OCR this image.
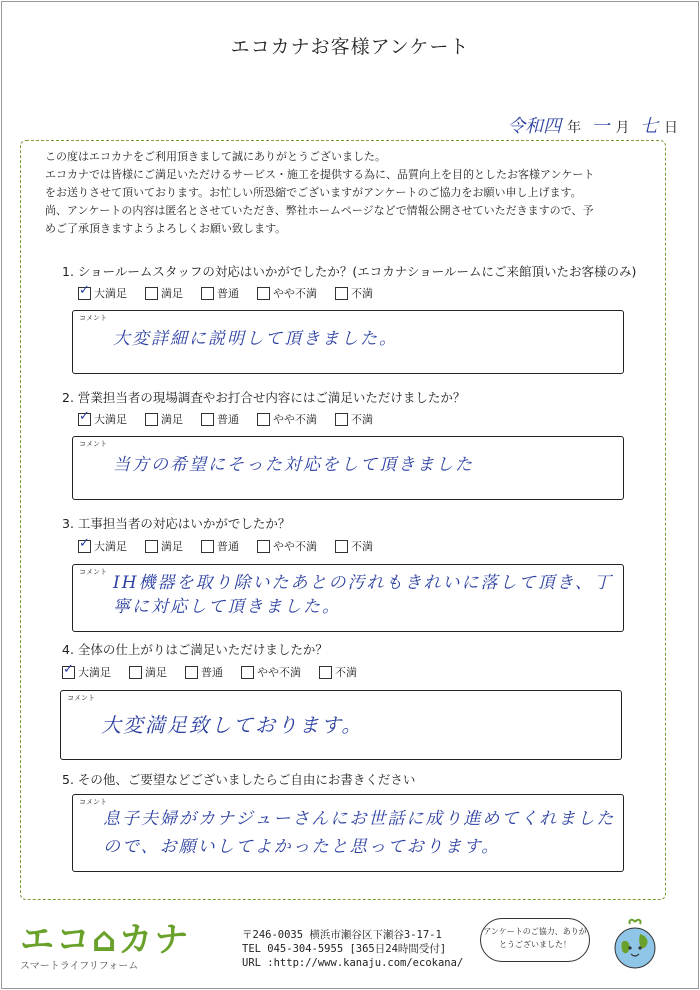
エコカナお客様アンケート
令和四 年 一 月 七 日
この度はエコカナをご利用頂きまして誠にありがとうございました。
エコカナでは皆様にご満足いただけるサービス・施工を提供する為に、品質向上を目的としたお客様アンケート
をお送りさせて頂いております。お忙しい所恐縮でございますがアンケートのご協力をお願い申し上げます。
尚、アンケートの内容は匿名とさせていただき、弊社ホームページなどで情報公開させていただきますので、予
めご了承頂きますようよろしくお願い致します。
1. ショールームスタッフの対応はいかがでしたか？(エコカナショールームにご来館頂いたお客様のみ)
✓
大満足	満足	普通	やや不満	不満
コメント
大変詳細に説明して頂きました。
2. 営業担当者の現場調査やお打合せ内容にはご満足いただけましたか？
✓
大満足	満足	普通	やや不満	不満
コメント
当方の希望にそった対応をして頂きました
3. 工事担当者の対応はいかがでしたか？
✓
大満足	満足	普通	やや不満	不満
コメント
IH機器を取り除いたあとの汚れもきれいに落して頂き、丁寧に対応して頂きました。
4. 全体の仕上がりはご満足いただけましたか？
✓
大満足	満足	普通	やや不満	不満
コメント
大変満足致しております。
5. その他、ご要望などございましたらご自由にお書きください
コメント
息子夫婦がカナジューさんにお世話に成り進めてくれましたので、お願いしてよかったと思っております。
エコ⌂カナ
スマートライフリフォーム
〒246-0035 横浜市瀬谷区下瀬谷3-17-1
TEL 045-304-5955 [365日24時間受付]
URL :http://www.kanaju.com/ecokana/
アンケートのご協力、ありがとうございました！
